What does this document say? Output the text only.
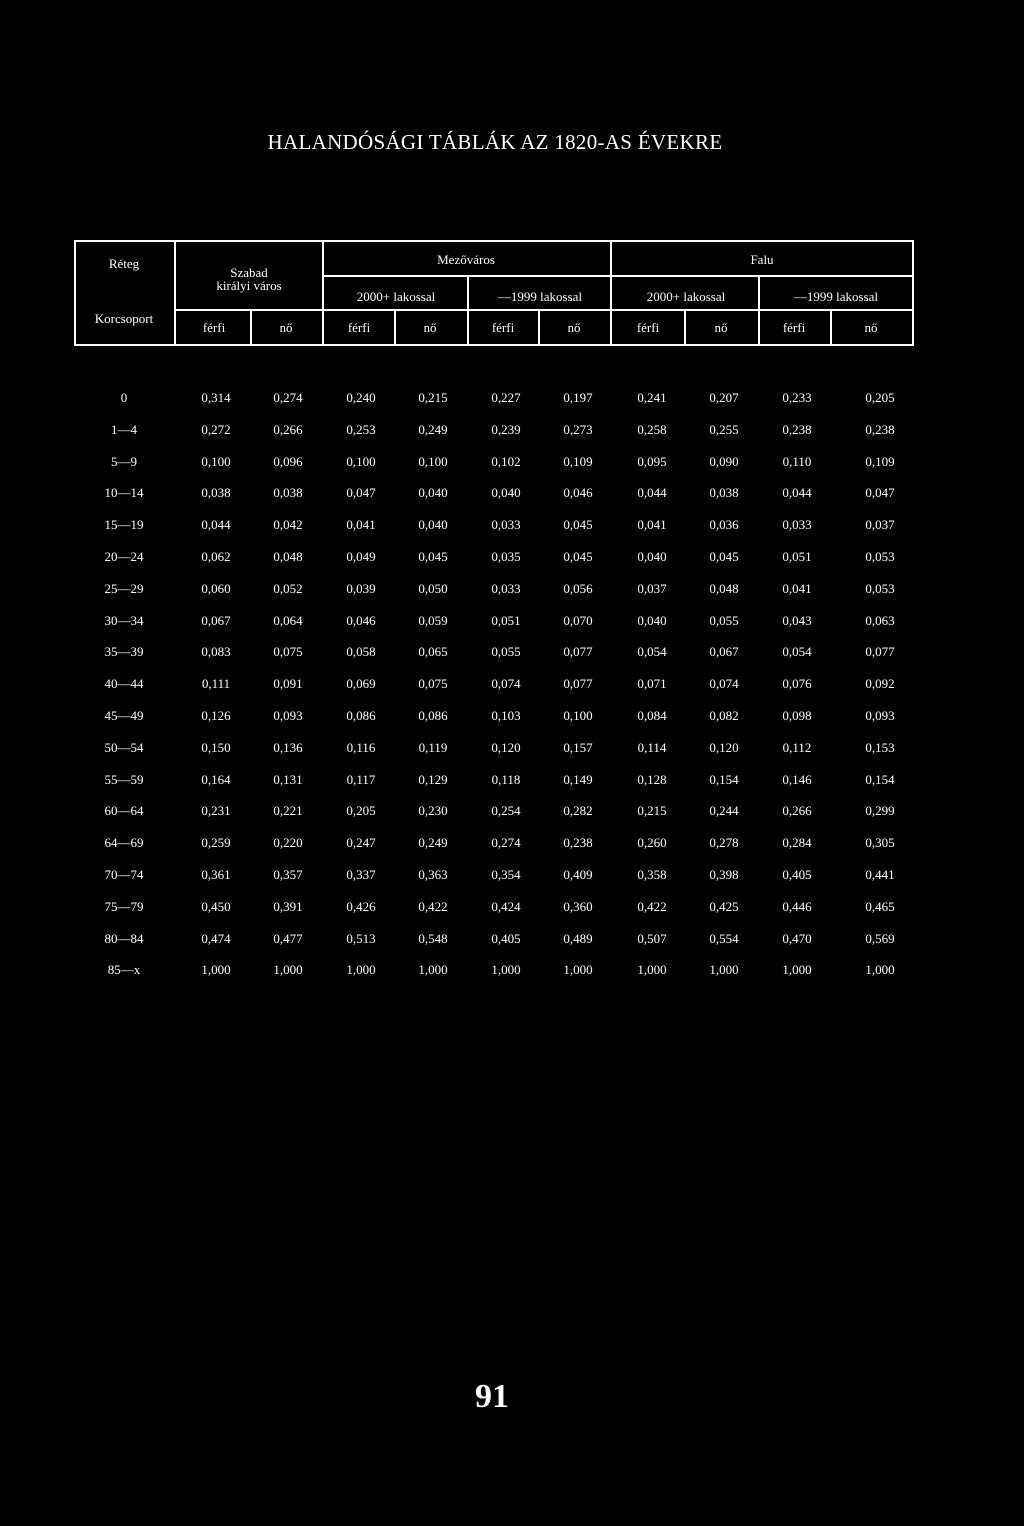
HALANDÓSÁGI TÁBLÁK AZ 1820-AS ÉVEKRE
Réteg
Korcsoport
Szabad királyi város
Mezőváros	Falu
2000+ lakossal	—1999 lakossal	2000+ lakossal	—1999 lakossal
férfi	nő	férfi	nő	férfi	nő	férfi	nő	férfi	nő
0	0,314	0,274	0,240	0,215	0,227	0,197	0,241	0,207	0,233	0,205
1—4	0,272	0,266	0,253	0,249	0,239	0,273	0,258	0,255	0,238	0,238
5—9	0,100	0,096	0,100	0,100	0,102	0,109	0,095	0,090	0,110	0,109
10—14	0,038	0,038	0,047	0,040	0,040	0,046	0,044	0,038	0,044	0,047
15—19	0,044	0,042	0,041	0,040	0,033	0,045	0,041	0,036	0,033	0,037
20—24	0,062	0,048	0,049	0,045	0,035	0,045	0,040	0,045	0,051	0,053
25—29	0,060	0,052	0,039	0,050	0,033	0,056	0,037	0,048	0,041	0,053
30—34	0,067	0,064	0,046	0,059	0,051	0,070	0,040	0,055	0,043	0,063
35—39	0,083	0,075	0,058	0,065	0,055	0,077	0,054	0,067	0,054	0,077
40—44	0,111	0,091	0,069	0,075	0,074	0,077	0,071	0,074	0,076	0,092
45—49	0,126	0,093	0,086	0,086	0,103	0,100	0,084	0,082	0,098	0,093
50—54	0,150	0,136	0,116	0,119	0,120	0,157	0,114	0,120	0,112	0,153
55—59	0,164	0,131	0,117	0,129	0,118	0,149	0,128	0,154	0,146	0,154
60—64	0,231	0,221	0,205	0,230	0,254	0,282	0,215	0,244	0,266	0,299
64—69	0,259	0,220	0,247	0,249	0,274	0,238	0,260	0,278	0,284	0,305
70—74	0,361	0,357	0,337	0,363	0,354	0,409	0,358	0,398	0,405	0,441
75—79	0,450	0,391	0,426	0,422	0,424	0,360	0,422	0,425	0,446	0,465
80—84	0,474	0,477	0,513	0,548	0,405	0,489	0,507	0,554	0,470	0,569
85—x	1,000	1,000	1,000	1,000	1,000	1,000	1,000	1,000	1,000	1,000
91
